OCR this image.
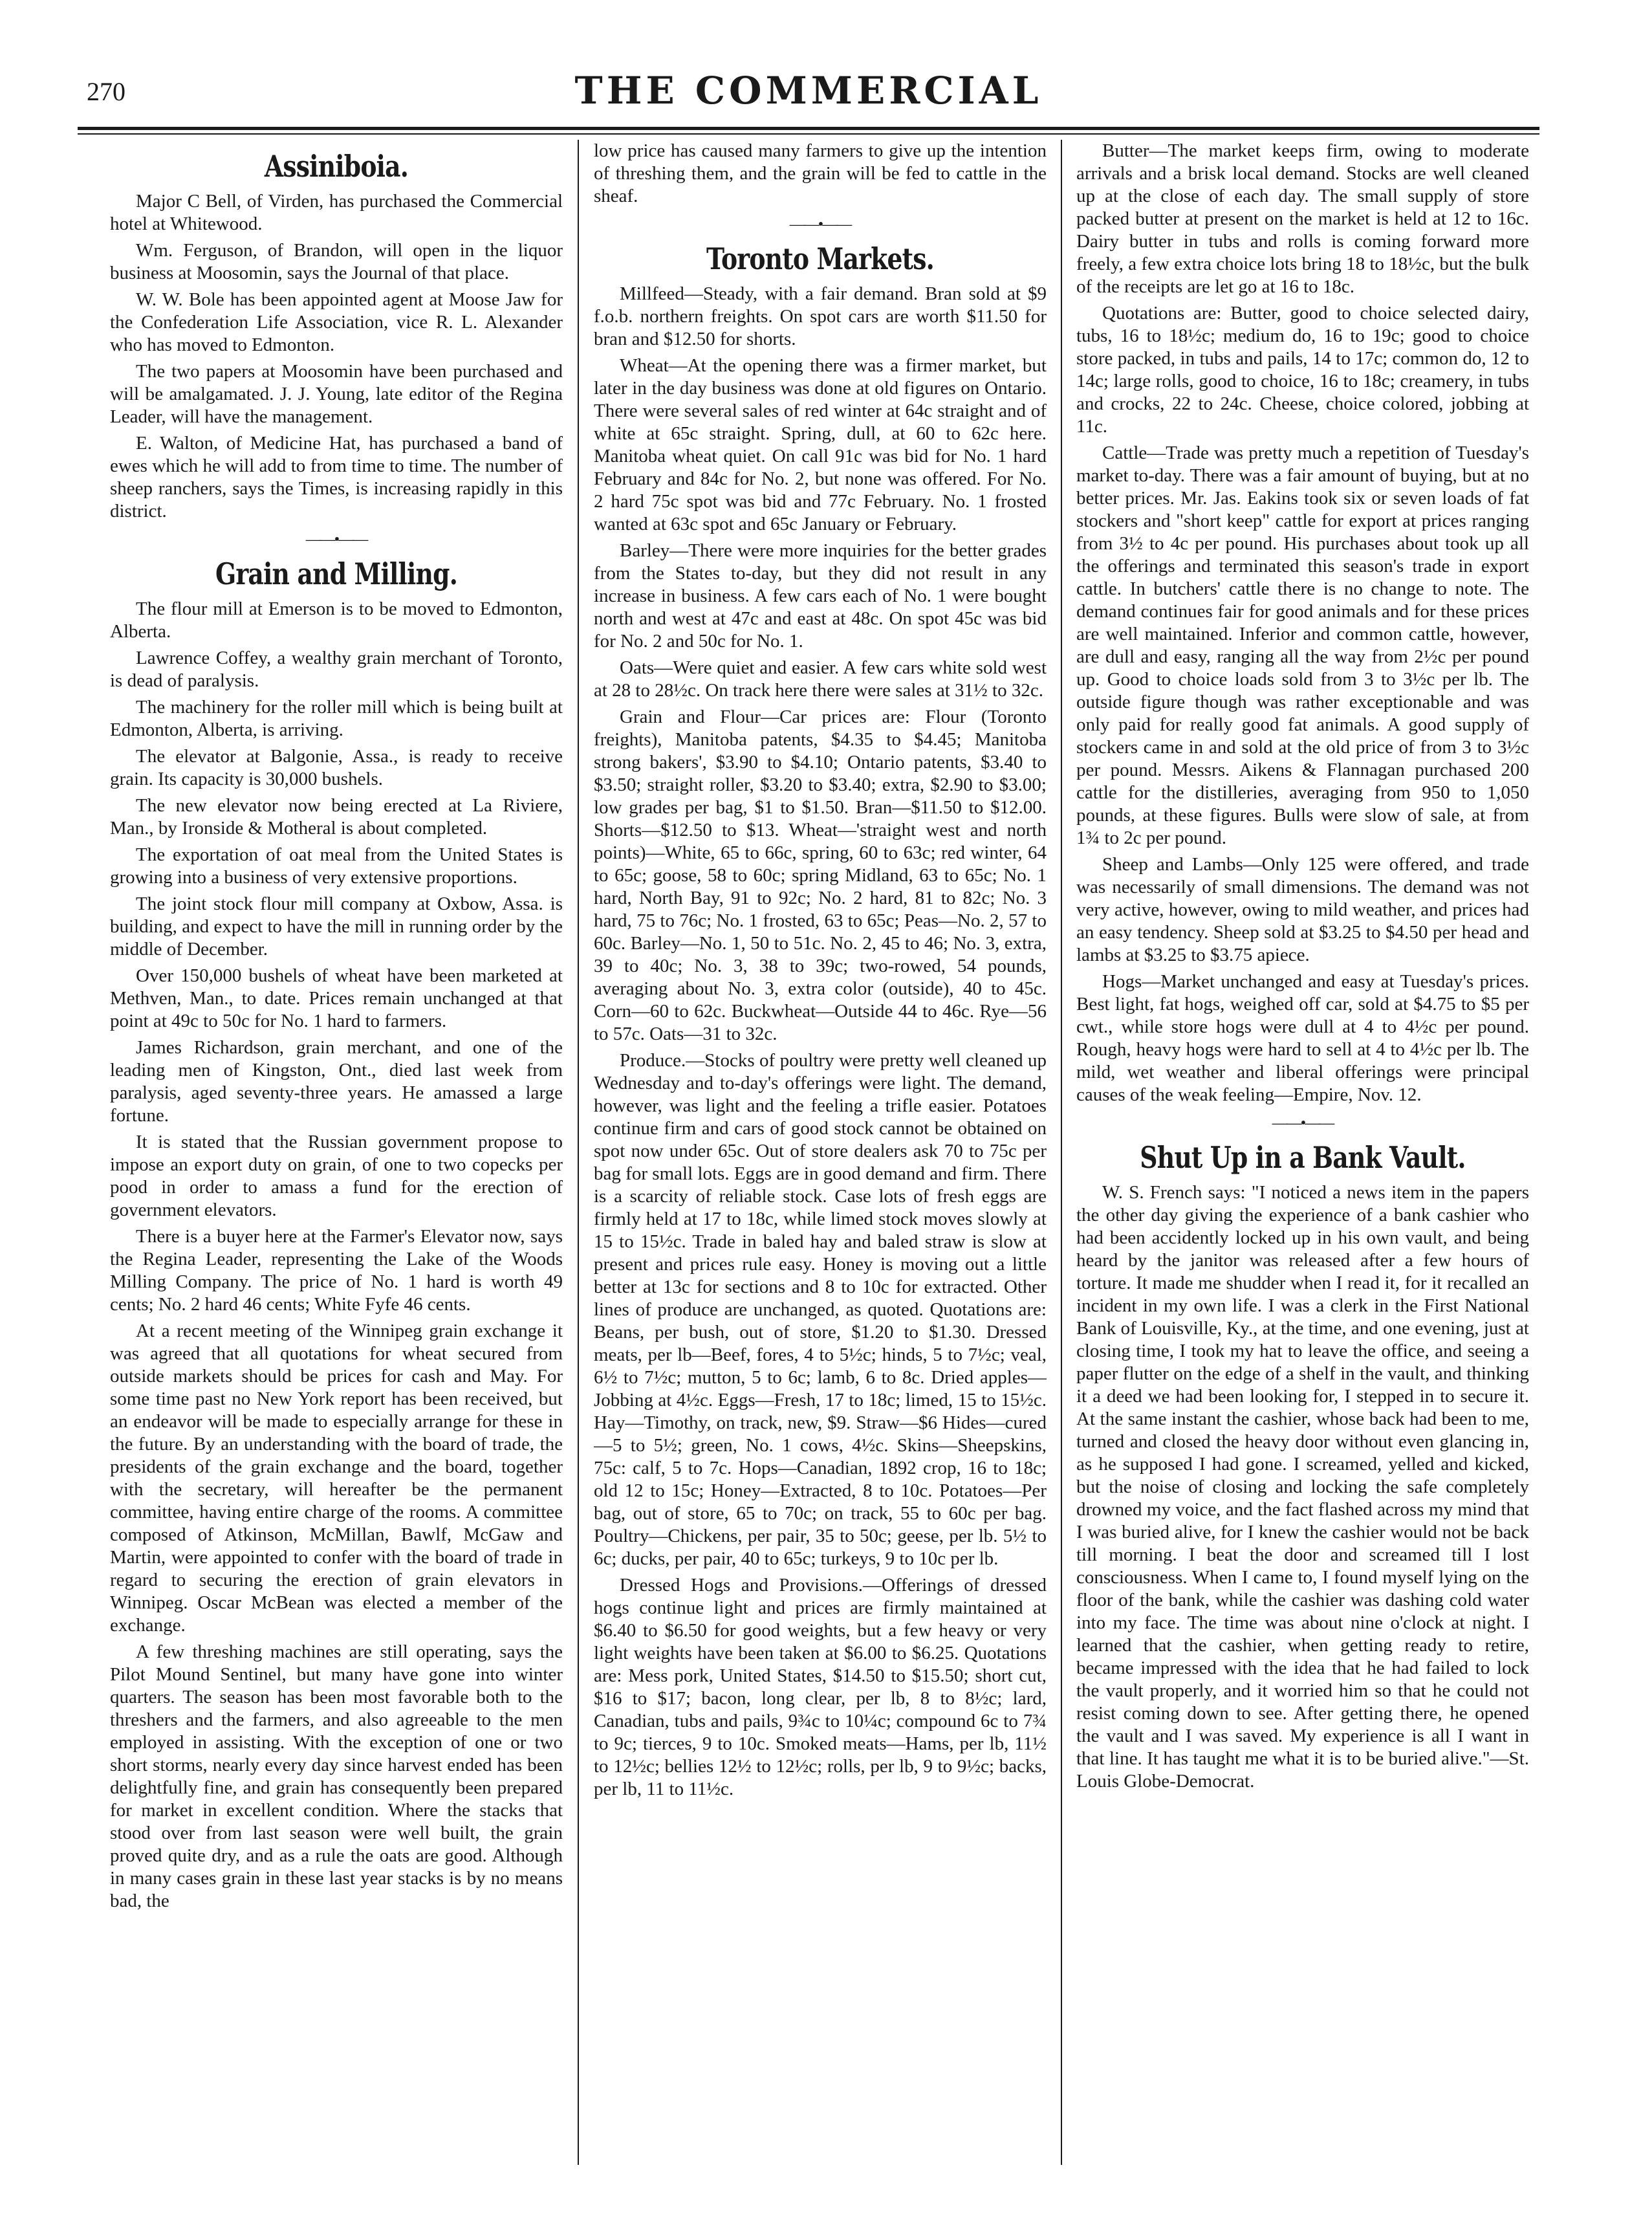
270	THE COMMERCIAL
Assiniboia.

Major C Bell, of Virden, has purchased the Commercial hotel at Whitewood.

Wm. Ferguson, of Brandon, will open in the liquor business at Moosomin, says the Journal of that place.

W. W. Bole has been appointed agent at Moose Jaw for the Confederation Life Association, vice R. L. Alexander who has moved to Edmonton.

The two papers at Moosomin have been purchased and will be amalgamated. J. J. Young, late editor of the Regina Leader, will have the management.

E. Walton, of Medicine Hat, has purchased a band of ewes which he will add to from time to time. The number of sheep ranchers, says the Times, is increasing rapidly in this district.

——•——
Grain and Milling.

The flour mill at Emerson is to be moved to Edmonton, Alberta.

Lawrence Coffey, a wealthy grain merchant of Toronto, is dead of paralysis.

The machinery for the roller mill which is being built at Edmonton, Alberta, is arriving.

The elevator at Balgonie, Assa., is ready to receive grain. Its capacity is 30,000 bushels.

The new elevator now being erected at La Riviere, Man., by Ironside & Motheral is about completed.

The exportation of oat meal from the United States is growing into a business of very extensive proportions.

The joint stock flour mill company at Oxbow, Assa. is building, and expect to have the mill in running order by the middle of December.

Over 150,000 bushels of wheat have been marketed at Methven, Man., to date. Prices remain unchanged at that point at 49c to 50c for No. 1 hard to farmers.

James Richardson, grain merchant, and one of the leading men of Kingston, Ont., died last week from paralysis, aged seventy-three years. He amassed a large fortune.

It is stated that the Russian government propose to impose an export duty on grain, of one to two copecks per pood in order to amass a fund for the erection of government elevators.

There is a buyer here at the Farmer's Elevator now, says the Regina Leader, representing the Lake of the Woods Milling Company. The price of No. 1 hard is worth 49 cents; No. 2 hard 46 cents; White Fyfe 46 cents.

At a recent meeting of the Winnipeg grain exchange it was agreed that all quotations for wheat secured from outside markets should be prices for cash and May. For some time past no New York report has been received, but an endeavor will be made to especially arrange for these in the future. By an understanding with the board of trade, the presidents of the grain exchange and the board, together with the secretary, will hereafter be the permanent committee, having entire charge of the rooms. A committee composed of Atkinson, McMillan, Bawlf, McGaw and Martin, were appointed to confer with the board of trade in regard to securing the erection of grain elevators in Winnipeg. Oscar McBean was elected a member of the exchange.

A few threshing machines are still operating, says the Pilot Mound Sentinel, but many have gone into winter quarters. The season has been most favorable both to the threshers and the farmers, and also agreeable to the men employed in assisting. With the exception of one or two short storms, nearly every day since harvest ended has been delightfully fine, and grain has consequently been prepared for market in excellent condition. Where the stacks that stood over from last season were well built, the grain proved quite dry, and as a rule the oats are good. Although in many cases grain in these last year stacks is by no means bad, the

low price has caused many farmers to give up the intention of threshing them, and the grain will be fed to cattle in the sheaf.

——•——
Toronto Markets.

Millfeed—Steady, with a fair demand. Bran sold at $9 f.o.b. northern freights. On spot cars are worth $11.50 for bran and $12.50 for shorts.

Wheat—At the opening there was a firmer market, but later in the day business was done at old figures on Ontario. There were several sales of red winter at 64c straight and of white at 65c straight. Spring, dull, at 60 to 62c here. Manitoba wheat quiet. On call 91c was bid for No. 1 hard February and 84c for No. 2, but none was offered. For No. 2 hard 75c spot was bid and 77c February. No. 1 frosted wanted at 63c spot and 65c January or February.

Barley—There were more inquiries for the better grades from the States to-day, but they did not result in any increase in business. A few cars each of No. 1 were bought north and west at 47c and east at 48c. On spot 45c was bid for No. 2 and 50c for No. 1.

Oats—Were quiet and easier. A few cars white sold west at 28 to 28½c. On track here there were sales at 31½ to 32c.

Grain and Flour—Car prices are: Flour (Toronto freights), Manitoba patents, $4.35 to $4.45; Manitoba strong bakers', $3.90 to $4.10; Ontario patents, $3.40 to $3.50; straight roller, $3.20 to $3.40; extra, $2.90 to $3.00; low grades per bag, $1 to $1.50. Bran—$11.50 to $12.00. Shorts—$12.50 to $13. Wheat—'straight west and north points)—White, 65 to 66c, spring, 60 to 63c; red winter, 64 to 65c; goose, 58 to 60c; spring Midland, 63 to 65c; No. 1 hard, North Bay, 91 to 92c; No. 2 hard, 81 to 82c; No. 3 hard, 75 to 76c; No. 1 frosted, 63 to 65c; Peas—No. 2, 57 to 60c. Barley—No. 1, 50 to 51c. No. 2, 45 to 46; No. 3, extra, 39 to 40c; No. 3, 38 to 39c; two-rowed, 54 pounds, averaging about No. 3, extra color (outside), 40 to 45c. Corn—60 to 62c. Buckwheat—Outside 44 to 46c. Rye—56 to 57c. Oats—31 to 32c.

Produce.—Stocks of poultry were pretty well cleaned up Wednesday and to-day's offerings were light. The demand, however, was light and the feeling a trifle easier. Potatoes continue firm and cars of good stock cannot be obtained on spot now under 65c. Out of store dealers ask 70 to 75c per bag for small lots. Eggs are in good demand and firm. There is a scarcity of reliable stock. Case lots of fresh eggs are firmly held at 17 to 18c, while limed stock moves slowly at 15 to 15½c. Trade in baled hay and baled straw is slow at present and prices rule easy. Honey is moving out a little better at 13c for sections and 8 to 10c for extracted. Other lines of produce are unchanged, as quoted. Quotations are: Beans, per bush, out of store, $1.20 to $1.30. Dressed meats, per lb—Beef, fores, 4 to 5½c; hinds, 5 to 7½c; veal, 6½ to 7½c; mutton, 5 to 6c; lamb, 6 to 8c. Dried apples—Jobbing at 4½c. Eggs—Fresh, 17 to 18c; limed, 15 to 15½c. Hay—Timothy, on track, new, $9. Straw—$6 Hides—cured—5 to 5½; green, No. 1 cows, 4½c. Skins—Sheepskins, 75c: calf, 5 to 7c. Hops—Canadian, 1892 crop, 16 to 18c; old 12 to 15c; Honey—Extracted, 8 to 10c. Potatoes—Per bag, out of store, 65 to 70c; on track, 55 to 60c per bag. Poultry—Chickens, per pair, 35 to 50c; geese, per lb. 5½ to 6c; ducks, per pair, 40 to 65c; turkeys, 9 to 10c per lb.

Dressed Hogs and Provisions.—Offerings of dressed hogs continue light and prices are firmly maintained at $6.40 to $6.50 for good weights, but a few heavy or very light weights have been taken at $6.00 to $6.25. Quotations are: Mess pork, United States, $14.50 to $15.50; short cut, $16 to $17; bacon, long clear, per lb, 8 to 8½c; lard, Canadian, tubs and pails, 9¾c to 10¼c; compound 6c to 7¾ to 9c; tierces, 9 to 10c. Smoked meats—Hams, per lb, 11½ to 12½c; bellies 12½ to 12½c; rolls, per lb, 9 to 9½c; backs, per lb, 11 to 11½c.

Butter—The market keeps firm, owing to moderate arrivals and a brisk local demand. Stocks are well cleaned up at the close of each day. The small supply of store packed butter at present on the market is held at 12 to 16c. Dairy butter in tubs and rolls is coming forward more freely, a few extra choice lots bring 18 to 18½c, but the bulk of the receipts are let go at 16 to 18c.

Quotations are: Butter, good to choice selected dairy, tubs, 16 to 18½c; medium do, 16 to 19c; good to choice store packed, in tubs and pails, 14 to 17c; common do, 12 to 14c; large rolls, good to choice, 16 to 18c; creamery, in tubs and crocks, 22 to 24c. Cheese, choice colored, jobbing at 11c.

Cattle—Trade was pretty much a repetition of Tuesday's market to-day. There was a fair amount of buying, but at no better prices. Mr. Jas. Eakins took six or seven loads of fat stockers and "short keep" cattle for export at prices ranging from 3½ to 4c per pound. His purchases about took up all the offerings and terminated this season's trade in export cattle. In butchers' cattle there is no change to note. The demand continues fair for good animals and for these prices are well maintained. Inferior and common cattle, however, are dull and easy, ranging all the way from 2½c per pound up. Good to choice loads sold from 3 to 3½c per lb. The outside figure though was rather exceptionable and was only paid for really good fat animals. A good supply of stockers came in and sold at the old price of from 3 to 3½c per pound. Messrs. Aikens & Flannagan purchased 200 cattle for the distilleries, averaging from 950 to 1,050 pounds, at these figures. Bulls were slow of sale, at from 1¾ to 2c per pound.

Sheep and Lambs—Only 125 were offered, and trade was necessarily of small dimensions. The demand was not very active, however, owing to mild weather, and prices had an easy tendency. Sheep sold at $3.25 to $4.50 per head and lambs at $3.25 to $3.75 apiece.

Hogs—Market unchanged and easy at Tuesday's prices. Best light, fat hogs, weighed off car, sold at $4.75 to $5 per cwt., while store hogs were dull at 4 to 4½c per pound. Rough, heavy hogs were hard to sell at 4 to 4½c per lb. The mild, wet weather and liberal offerings were principal causes of the weak feeling—Empire, Nov. 12.

——•——
Shut Up in a Bank Vault.

W. S. French says: "I noticed a news item in the papers the other day giving the experience of a bank cashier who had been accidently locked up in his own vault, and being heard by the janitor was released after a few hours of torture. It made me shudder when I read it, for it recalled an incident in my own life. I was a clerk in the First National Bank of Louisville, Ky., at the time, and one evening, just at closing time, I took my hat to leave the office, and seeing a paper flutter on the edge of a shelf in the vault, and thinking it a deed we had been looking for, I stepped in to secure it. At the same instant the cashier, whose back had been to me, turned and closed the heavy door without even glancing in, as he supposed I had gone. I screamed, yelled and kicked, but the noise of closing and locking the safe completely drowned my voice, and the fact flashed across my mind that I was buried alive, for I knew the cashier would not be back till morning. I beat the door and screamed till I lost consciousness. When I came to, I found myself lying on the floor of the bank, while the cashier was dashing cold water into my face. The time was about nine o'clock at night. I learned that the cashier, when getting ready to retire, became impressed with the idea that he had failed to lock the vault properly, and it worried him so that he could not resist coming down to see. After getting there, he opened the vault and I was saved. My experience is all I want in that line. It has taught me what it is to be buried alive."—St. Louis Globe-Democrat.
